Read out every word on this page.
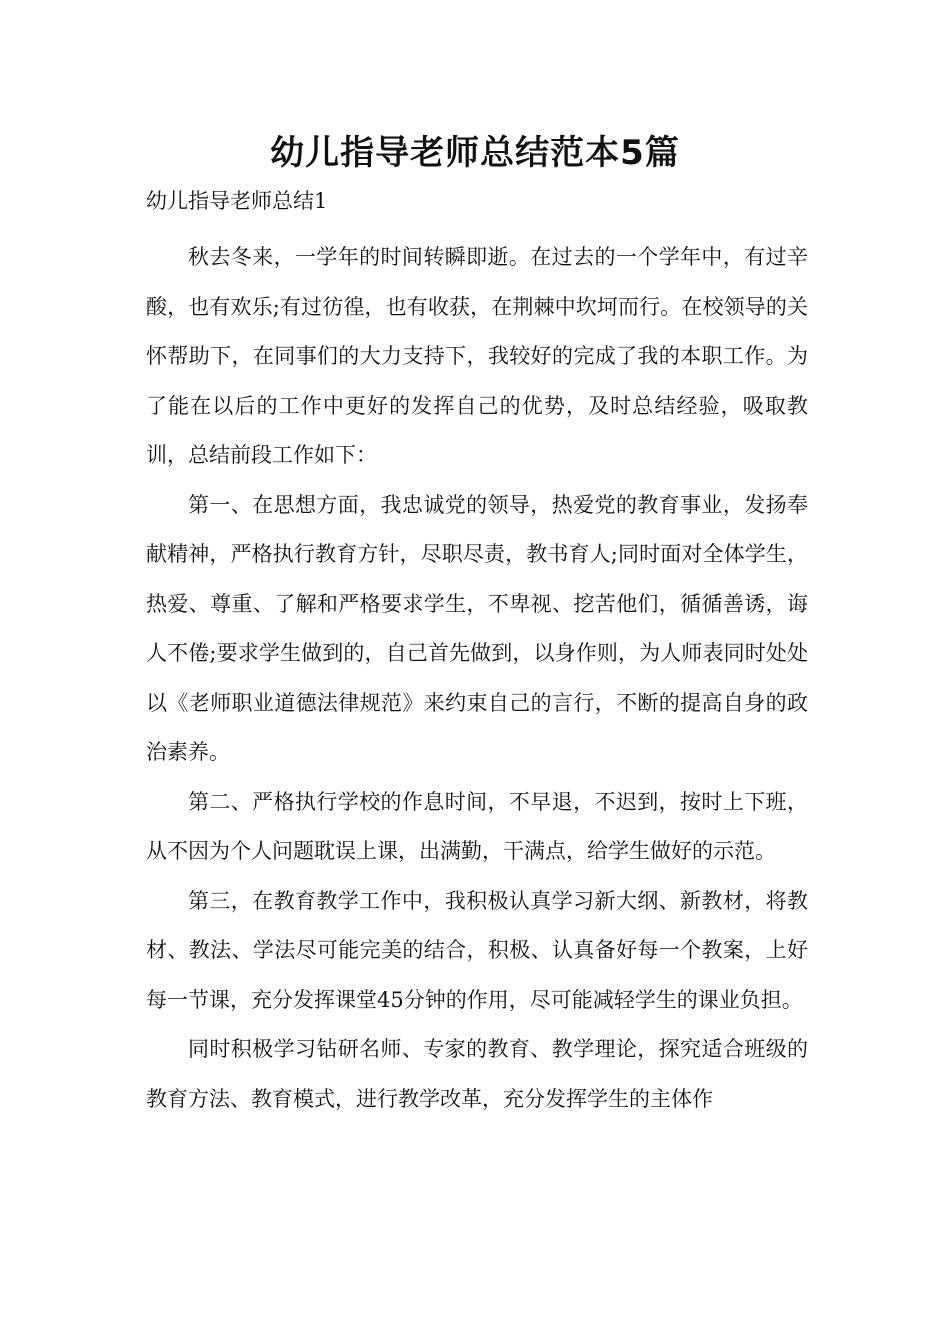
幼儿指导老师总结范本5篇

幼儿指导老师总结1

秋去冬来，一学年的时间转瞬即逝。在过去的一个学年中，有过辛酸，也有欢乐;有过彷徨，也有收获，在荆棘中坎坷而行。在校领导的关怀帮助下，在同事们的大力支持下，我较好的完成了我的本职工作。为了能在以后的工作中更好的发挥自己的优势，及时总结经验，吸取教训，总结前段工作如下：

第一、在思想方面，我忠诚党的领导，热爱党的教育事业，发扬奉献精神，严格执行教育方针，尽职尽责，教书育人;同时面对全体学生，热爱、尊重、了解和严格要求学生，不卑视、挖苦他们，循循善诱，诲人不倦;要求学生做到的，自己首先做到，以身作则，为人师表同时处处以《老师职业道德法律规范》来约束自己的言行，不断的提高自身的政治素养。

第二、严格执行学校的作息时间，不早退，不迟到，按时上下班，从不因为个人问题耽误上课，出满勤，干满点，给学生做好的示范。

第三，在教育教学工作中，我积极认真学习新大纲、新教材，将教材、教法、学法尽可能完美的结合，积极、认真备好每一个教案，上好每一节课，充分发挥课堂45分钟的作用，尽可能减轻学生的课业负担。

同时积极学习钻研名师、专家的教育、教学理论，探究适合班级的教育方法、教育模式，进行教学改革，充分发挥学生的主体作
